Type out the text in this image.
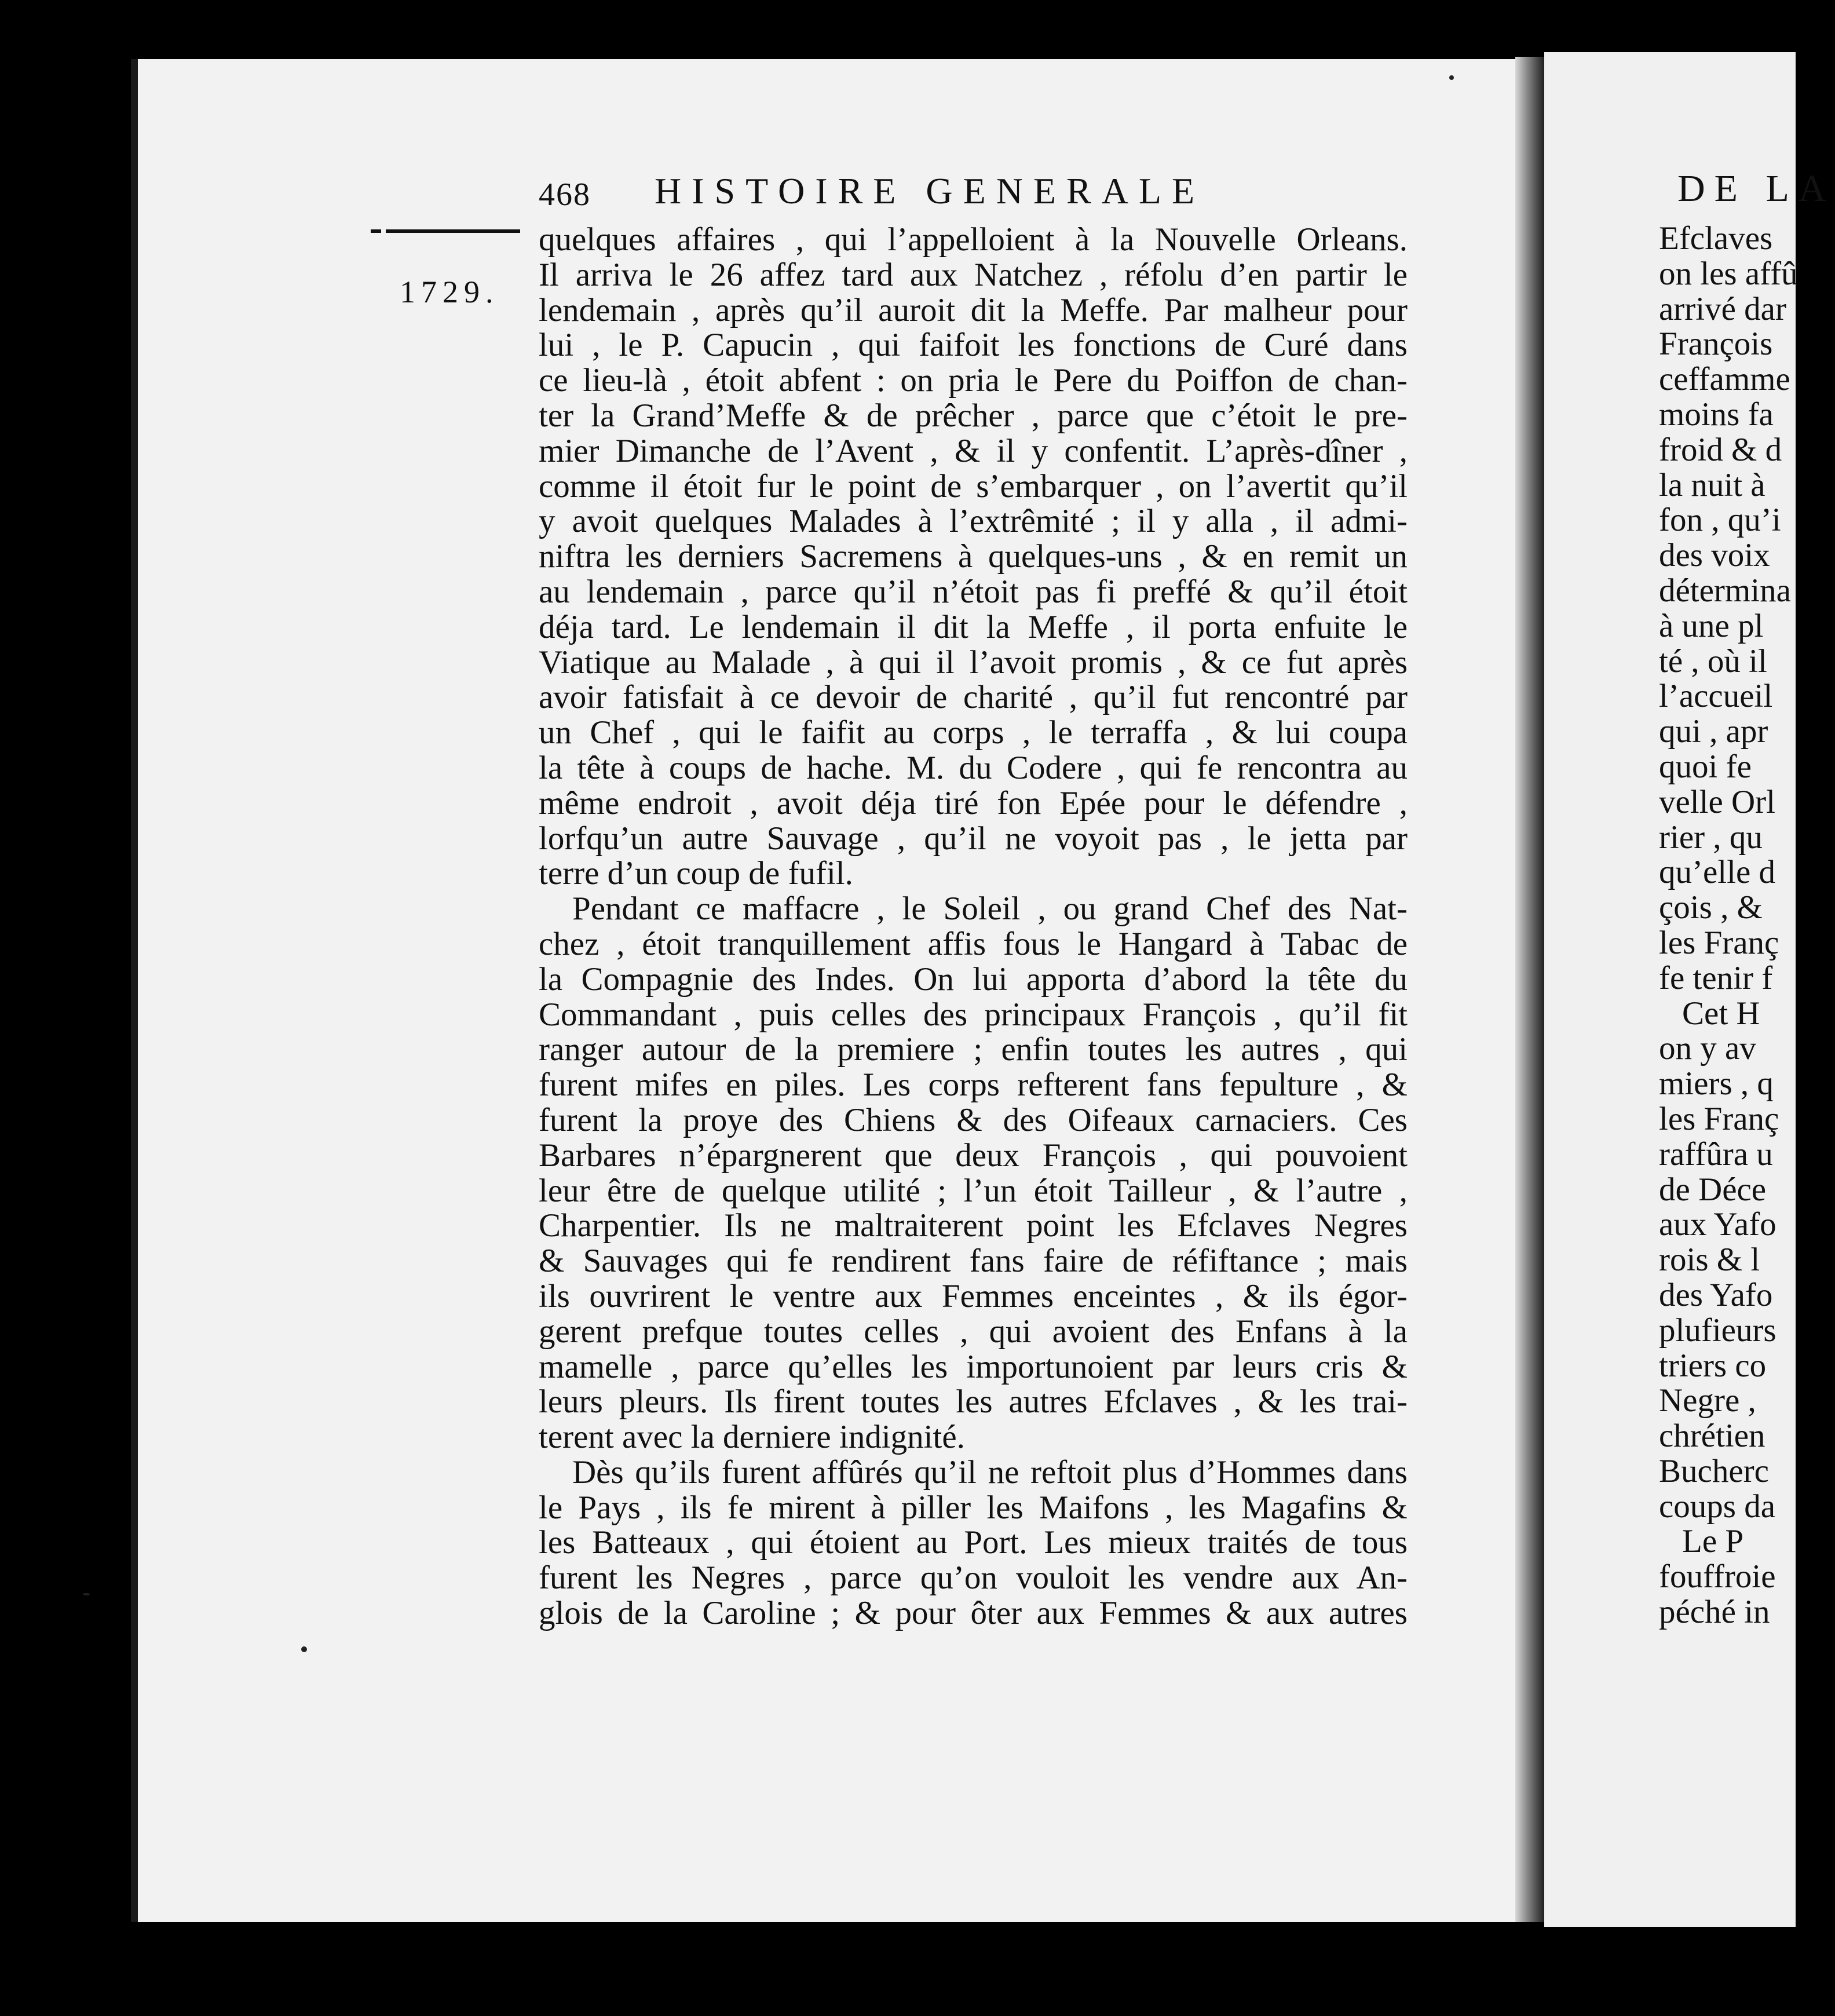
DE LA
Efclaves
on les affû
arrivé dar
François
ceffamme
moins fa
froid & d
la nuit à
fon , qu’i
des voix
détermina
à une pl
té , où il
l’accueil
qui , apr
quoi fe
velle Orl
rier , qu
qu’elle d
çois , &
les Franç
fe tenir f
Cet H
on y av
miers , q
les Franç
raffûra u
de Déce
aux Yafo
rois & l
des Yafo
plufieurs
triers co
Negre ,
chrétien
Bucherc
coups da
Le P
fouffroie
péché in
468 HISTOIRE GENERALE
1729.

quelques affaires , qui l’appelloient à la Nouvelle Orleans.
Il arriva le 26 affez tard aux Natchez , réfolu d’en partir le
lendemain , après qu’il auroit dit la Meffe. Par malheur pour
lui , le P. Capucin , qui faifoit les fonctions de Curé dans
ce lieu-là , étoit abfent : on pria le Pere du Poiffon de chan-
ter la Grand’Meffe & de prêcher , parce que c’étoit le pre-
mier Dimanche de l’Avent , & il y confentit. L’après-dîner ,
comme il étoit fur le point de s’embarquer , on l’avertit qu’il
y avoit quelques Malades à l’extrêmité ; il y alla , il admi-
niftra les derniers Sacremens à quelques-uns , & en remit un
au lendemain , parce qu’il n’étoit pas fi preffé & qu’il étoit
déja tard. Le lendemain il dit la Meffe , il porta enfuite le
Viatique au Malade , à qui il l’avoit promis , & ce fut après
avoir fatisfait à ce devoir de charité , qu’il fut rencontré par
un Chef , qui le faifit au corps , le terraffa , & lui coupa
la tête à coups de hache. M. du Codere , qui fe rencontra au
même endroit , avoit déja tiré fon Epée pour le défendre ,
lorfqu’un autre Sauvage , qu’il ne voyoit pas , le jetta par
terre d’un coup de fufil.

Pendant ce maffacre , le Soleil , ou grand Chef des Nat-
chez , étoit tranquillement affis fous le Hangard à Tabac de
la Compagnie des Indes. On lui apporta d’abord la tête du
Commandant , puis celles des principaux François , qu’il fit
ranger autour de la premiere ; enfin toutes les autres , qui
furent mifes en piles. Les corps refterent fans fepulture , &
furent la proye des Chiens & des Oifeaux carnaciers. Ces
Barbares n’épargnerent que deux François , qui pouvoient
leur être de quelque utilité ; l’un étoit Tailleur , & l’autre ,
Charpentier. Ils ne maltraiterent point les Efclaves Negres
& Sauvages qui fe rendirent fans faire de réfiftance ; mais
ils ouvrirent le ventre aux Femmes enceintes , & ils égor-
gerent prefque toutes celles , qui avoient des Enfans à la
mamelle , parce qu’elles les importunoient par leurs cris &
leurs pleurs. Ils firent toutes les autres Efclaves , & les trai-
terent avec la derniere indignité.

Dès qu’ils furent affûrés qu’il ne reftoit plus d’Hommes dans
le Pays , ils fe mirent à piller les Maifons , les Magafins &
les Batteaux , qui étoient au Port. Les mieux traités de tous
furent les Negres , parce qu’on vouloit les vendre aux An-
glois de la Caroline ; & pour ôter aux Femmes & aux autres
